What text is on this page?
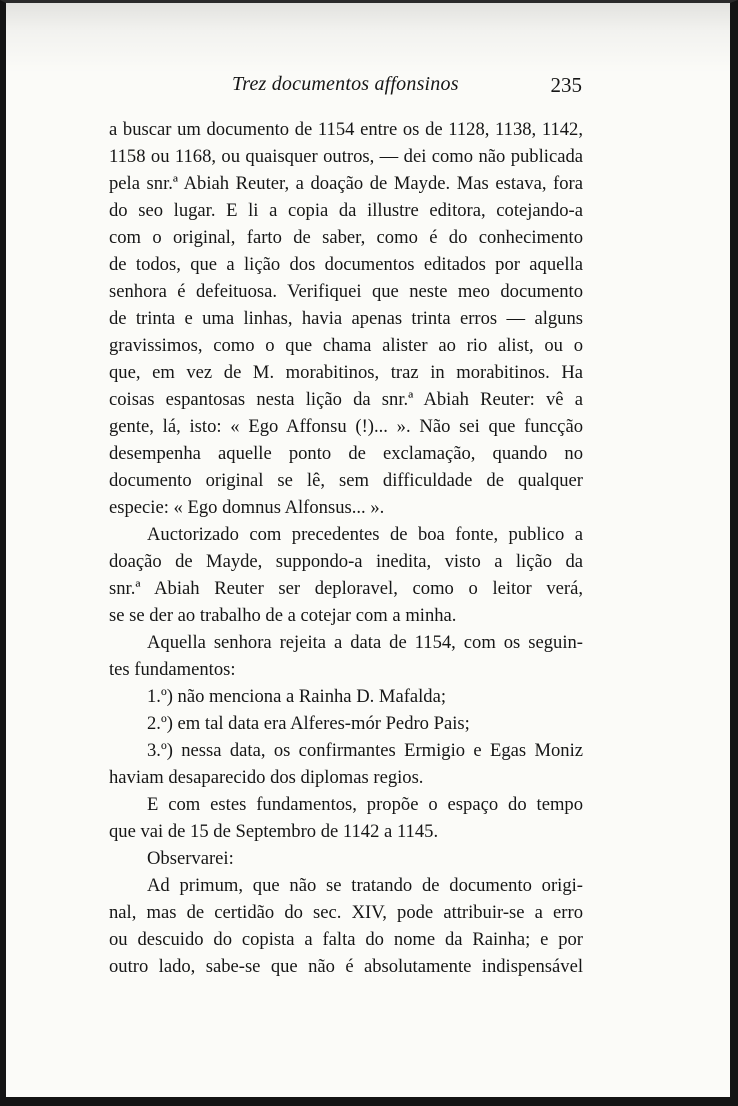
Trez documentos affonsinos	235
a buscar um documento de 1154 entre os de 1128, 1138, 1142,
1158 ou 1168, ou quaisquer outros, — dei como não publicada
pela snr.ª Abiah Reuter, a doação de Mayde. Mas estava, fora
do seo lugar. E li a copia da illustre editora, cotejando-a
com o original, farto de saber, como é do conhecimento
de todos, que a lição dos documentos editados por aquella
senhora é defeituosa. Verifiquei que neste meo documento
de trinta e uma linhas, havia apenas trinta erros — alguns
gravissimos, como o que chama alister ao rio alist, ou o
que, em vez de M. morabitinos, traz in morabitinos. Ha
coisas espantosas nesta lição da snr.ª Abiah Reuter: vê a
gente, lá, isto: « Ego Affonsu (!)... ». Não sei que funcção
desempenha aquelle ponto de exclamação, quando no
documento original se lê, sem difficuldade de qualquer
especie: « Ego domnus Alfonsus... ».
Auctorizado com precedentes de boa fonte, publico a
doação de Mayde, suppondo-a inedita, visto a lição da
snr.ª Abiah Reuter ser deploravel, como o leitor verá,
se se der ao trabalho de a cotejar com a minha.
Aquella senhora rejeita a data de 1154, com os seguin-
tes fundamentos:
1.º) não menciona a Rainha D. Mafalda;
2.º) em tal data era Alferes-mór Pedro Pais;
3.º) nessa data, os confirmantes Ermigio e Egas Moniz
haviam desaparecido dos diplomas regios.
E com estes fundamentos, propõe o espaço do tempo
que vai de 15 de Septembro de 1142 a 1145.
Observarei:
Ad primum, que não se tratando de documento origi-
nal, mas de certidão do sec. XIV, pode attribuir-se a erro
ou descuido do copista a falta do nome da Rainha; e por
outro lado, sabe-se que não é absolutamente indispensável
